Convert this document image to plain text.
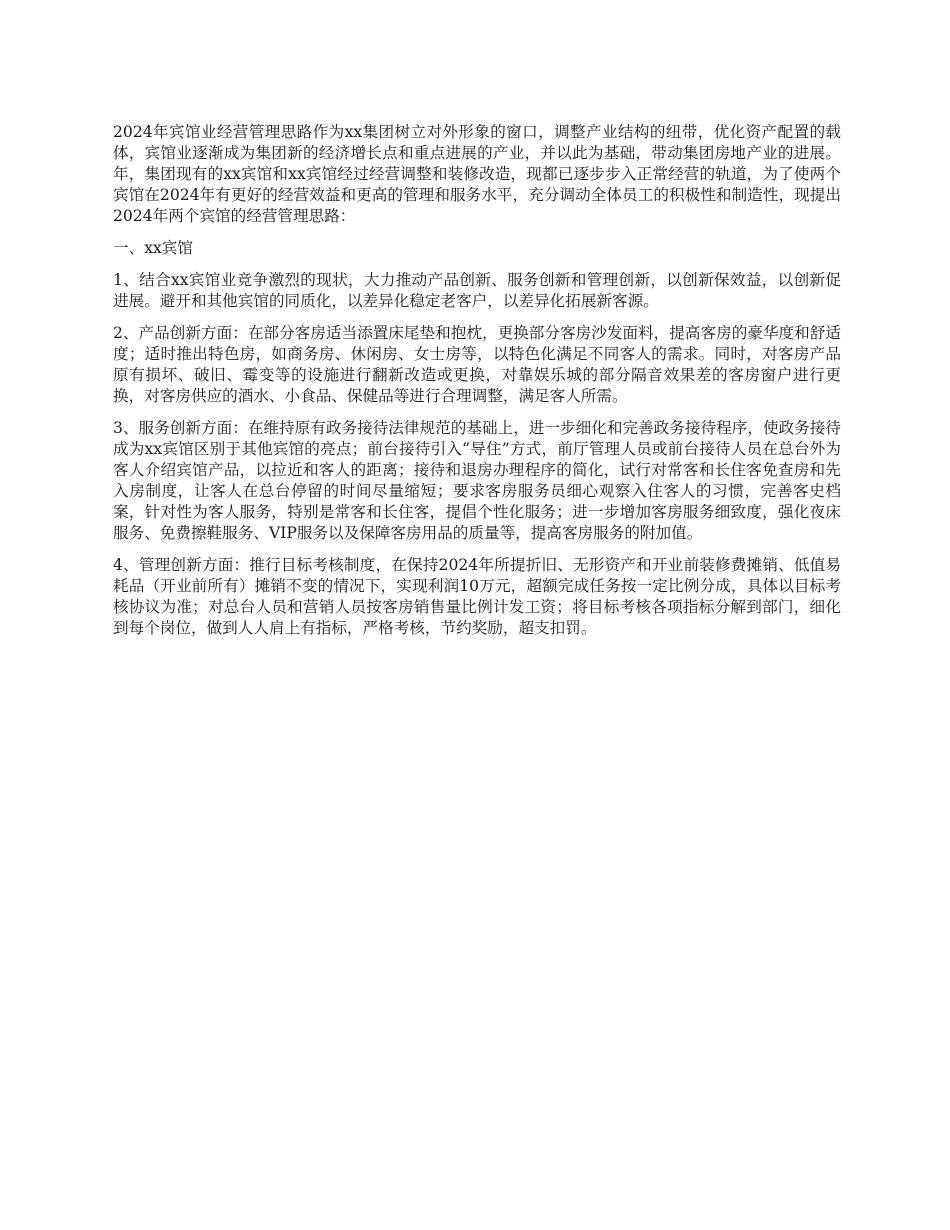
2024年宾馆业经营管理思路作为xx集团树立对外形象的窗口，调整产业结构的纽带，优化资产配置的载体，宾馆业逐渐成为集团新的经济增长点和重点进展的产业，并以此为基础，带动集团房地产业的进展。年，集团现有的xx宾馆和xx宾馆经过经营调整和装修改造，现都已逐步步入正常经营的轨道，为了使两个宾馆在2024年有更好的经营效益和更高的管理和服务水平，充分调动全体员工的积极性和制造性，现提出2024年两个宾馆的经营管理思路：

一、xx宾馆

1、结合xx宾馆业竞争激烈的现状，大力推动产品创新、服务创新和管理创新，以创新保效益，以创新促进展。避开和其他宾馆的同质化，以差异化稳定老客户，以差异化拓展新客源。

2、产品创新方面：在部分客房适当添置床尾垫和抱枕，更换部分客房沙发面料，提高客房的豪华度和舒适度；适时推出特色房，如商务房、休闲房、女士房等，以特色化满足不同客人的需求。同时，对客房产品原有损坏、破旧、霉变等的设施进行翻新改造或更换，对靠娱乐城的部分隔音效果差的客房窗户进行更换，对客房供应的酒水、小食品、保健品等进行合理调整，满足客人所需。

3、服务创新方面：在维持原有政务接待法律规范的基础上，进一步细化和完善政务接待程序，使政务接待成为xx宾馆区别于其他宾馆的亮点；前台接待引入“导住”方式，前厅管理人员或前台接待人员在总台外为客人介绍宾馆产品，以拉近和客人的距离；接待和退房办理程序的简化，试行对常客和长住客免查房和先入房制度，让客人在总台停留的时间尽量缩短；要求客房服务员细心观察入住客人的习惯，完善客史档案，针对性为客人服务，特别是常客和长住客，提倡个性化服务；进一步增加客房服务细致度，强化夜床服务、免费擦鞋服务、VIP服务以及保障客房用品的质量等，提高客房服务的附加值。

4、管理创新方面：推行目标考核制度，在保持2024年所提折旧、无形资产和开业前装修费摊销、低值易耗品（开业前所有）摊销不变的情况下，实现利润10万元，超额完成任务按一定比例分成，具体以目标考核协议为准；对总台人员和营销人员按客房销售量比例计发工资；将目标考核各项指标分解到部门，细化到每个岗位，做到人人肩上有指标，严格考核，节约奖励，超支扣罚。
